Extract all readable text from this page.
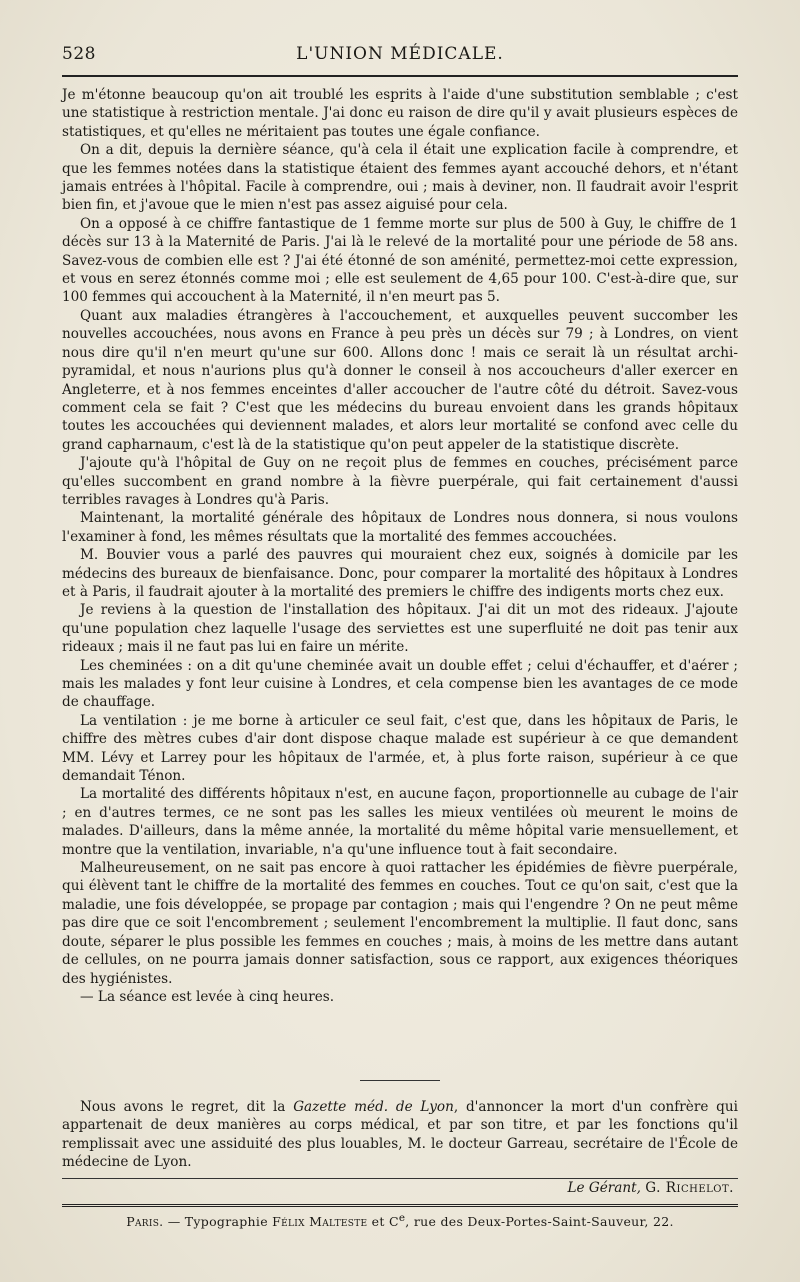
528	L'UNION MÉDICALE.

Je m'étonne beaucoup qu'on ait troublé les esprits à l'aide d'une substitution semblable ; c'est une statistique à restriction mentale. J'ai donc eu raison de dire qu'il y avait plusieurs espèces de statistiques, et qu'elles ne méritaient pas toutes une égale confiance.

On a dit, depuis la dernière séance, qu'à cela il était une explication facile à comprendre, et que les femmes notées dans la statistique étaient des femmes ayant accouché dehors, et n'étant jamais entrées à l'hôpital. Facile à comprendre, oui ; mais à deviner, non. Il faudrait avoir l'esprit bien fin, et j'avoue que le mien n'est pas assez aiguisé pour cela.

On a opposé à ce chiffre fantastique de 1 femme morte sur plus de 500 à Guy, le chiffre de 1 décès sur 13 à la Maternité de Paris. J'ai là le relevé de la mortalité pour une période de 58 ans. Savez-vous de combien elle est ? J'ai été étonné de son aménité, permettez-moi cette expression, et vous en serez étonnés comme moi ; elle est seulement de 4,65 pour 100. C'est-à-dire que, sur 100 femmes qui accouchent à la Maternité, il n'en meurt pas 5.

Quant aux maladies étrangères à l'accouchement, et auxquelles peuvent succomber les nouvelles accouchées, nous avons en France à peu près un décès sur 79 ; à Londres, on vient nous dire qu'il n'en meurt qu'une sur 600. Allons donc ! mais ce serait là un résultat archi-pyramidal, et nous n'aurions plus qu'à donner le conseil à nos accoucheurs d'aller exercer en Angleterre, et à nos femmes enceintes d'aller accoucher de l'autre côté du détroit. Savez-vous comment cela se fait ? C'est que les médecins du bureau envoient dans les grands hôpitaux toutes les accouchées qui deviennent malades, et alors leur mortalité se confond avec celle du grand capharnaum, c'est là de la statistique qu'on peut appeler de la statistique discrète.

J'ajoute qu'à l'hôpital de Guy on ne reçoit plus de femmes en couches, précisément parce qu'elles succombent en grand nombre à la fièvre puerpérale, qui fait certainement d'aussi terribles ravages à Londres qu'à Paris.

Maintenant, la mortalité générale des hôpitaux de Londres nous donnera, si nous voulons l'examiner à fond, les mêmes résultats que la mortalité des femmes accouchées.

M. Bouvier vous a parlé des pauvres qui mouraient chez eux, soignés à domicile par les médecins des bureaux de bienfaisance. Donc, pour comparer la mortalité des hôpitaux à Londres et à Paris, il faudrait ajouter à la mortalité des premiers le chiffre des indigents morts chez eux.

Je reviens à la question de l'installation des hôpitaux. J'ai dit un mot des rideaux. J'ajoute qu'une population chez laquelle l'usage des serviettes est une superfluité ne doit pas tenir aux rideaux ; mais il ne faut pas lui en faire un mérite.

Les cheminées : on a dit qu'une cheminée avait un double effet ; celui d'échauffer, et d'aérer ; mais les malades y font leur cuisine à Londres, et cela compense bien les avantages de ce mode de chauffage.

La ventilation : je me borne à articuler ce seul fait, c'est que, dans les hôpitaux de Paris, le chiffre des mètres cubes d'air dont dispose chaque malade est supérieur à ce que demandent MM. Lévy et Larrey pour les hôpitaux de l'armée, et, à plus forte raison, supérieur à ce que demandait Ténon.

La mortalité des différents hôpitaux n'est, en aucune façon, proportionnelle au cubage de l'air ; en d'autres termes, ce ne sont pas les salles les mieux ventilées où meurent le moins de malades. D'ailleurs, dans la même année, la mortalité du même hôpital varie mensuellement, et montre que la ventilation, invariable, n'a qu'une influence tout à fait secondaire.

Malheureusement, on ne sait pas encore à quoi rattacher les épidémies de fièvre puerpérale, qui élèvent tant le chiffre de la mortalité des femmes en couches. Tout ce qu'on sait, c'est que la maladie, une fois développée, se propage par contagion ; mais qui l'engendre ? On ne peut même pas dire que ce soit l'encombrement ; seulement l'encombrement la multiplie. Il faut donc, sans doute, séparer le plus possible les femmes en couches ; mais, à moins de les mettre dans autant de cellules, on ne pourra jamais donner satisfaction, sous ce rapport, aux exigences théoriques des hygiénistes.

— La séance est levée à cinq heures.

Nous avons le regret, dit la Gazette méd. de Lyon, d'annoncer la mort d'un confrère qui appartenait de deux manières au corps médical, et par son titre, et par les fonctions qu'il remplissait avec une assiduité des plus louables, M. le docteur Garreau, secrétaire de l'École de médecine de Lyon.

Le Gérant, G. Richelot.
Paris. — Typographie Félix Malteste et Ce, rue des Deux-Portes-Saint-Sauveur, 22.
